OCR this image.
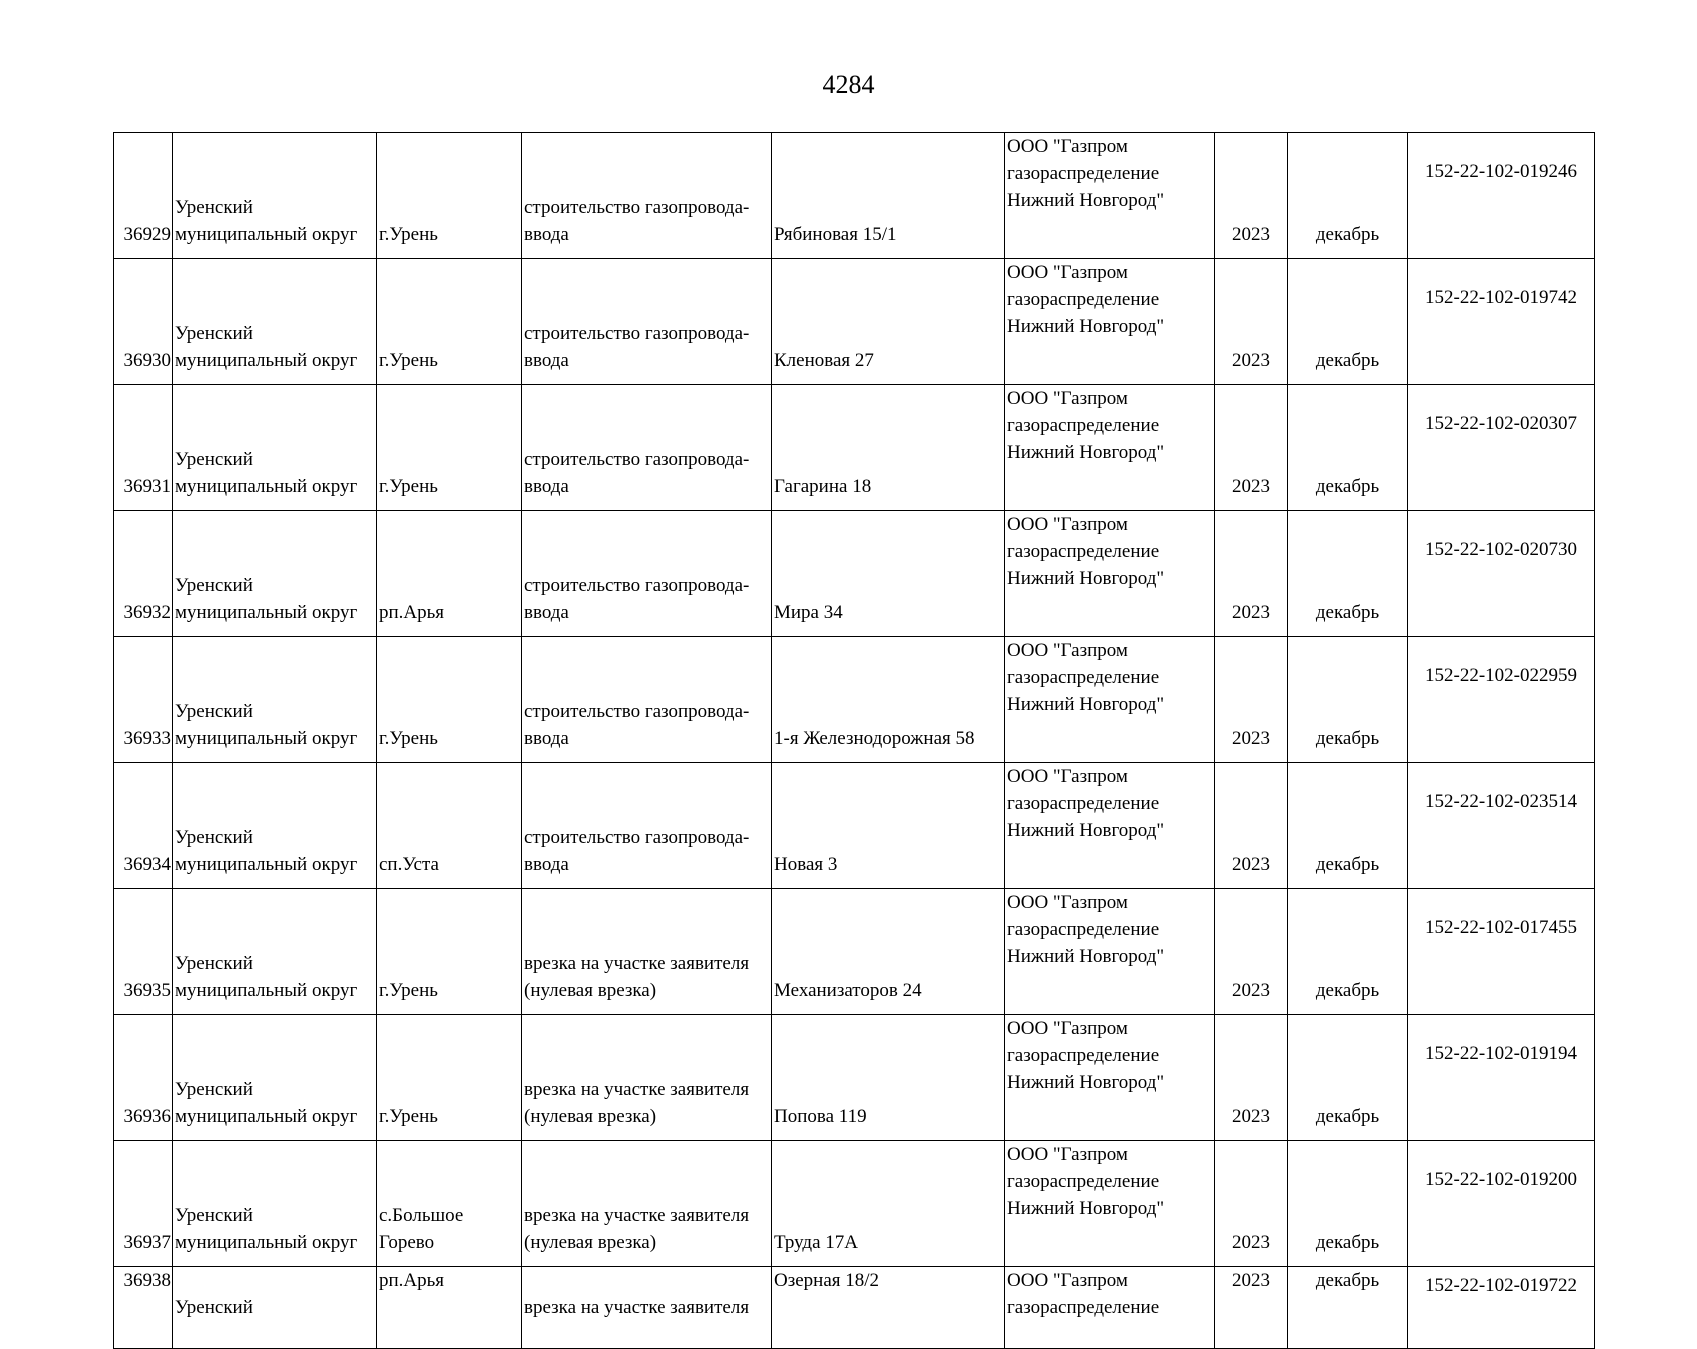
4284
36929	Уренский муниципальный округ	г.Урень	строительство газопровода-ввода	Рябиновая 15/1	ООО "Газпром газораспределение Нижний Новгород"	2023	декабрь	152-22-102-019246
36930	Уренский муниципальный округ	г.Урень	строительство газопровода-ввода	Кленовая 27	ООО "Газпром газораспределение Нижний Новгород"	2023	декабрь	152-22-102-019742
36931	Уренский муниципальный округ	г.Урень	строительство газопровода-ввода	Гагарина 18	ООО "Газпром газораспределение Нижний Новгород"	2023	декабрь	152-22-102-020307
36932	Уренский муниципальный округ	рп.Арья	строительство газопровода-ввода	Мира 34	ООО "Газпром газораспределение Нижний Новгород"	2023	декабрь	152-22-102-020730
36933	Уренский муниципальный округ	г.Урень	строительство газопровода-ввода	1-я Железнодорожная 58	ООО "Газпром газораспределение Нижний Новгород"	2023	декабрь	152-22-102-022959
36934	Уренский муниципальный округ	сп.Уста	строительство газопровода-ввода	Новая 3	ООО "Газпром газораспределение Нижний Новгород"	2023	декабрь	152-22-102-023514
36935	Уренский муниципальный округ	г.Урень	врезка на участке заявителя (нулевая врезка)	Механизаторов 24	ООО "Газпром газораспределение Нижний Новгород"	2023	декабрь	152-22-102-017455
36936	Уренский муниципальный округ	г.Урень	врезка на участке заявителя (нулевая врезка)	Попова 119	ООО "Газпром газораспределение Нижний Новгород"	2023	декабрь	152-22-102-019194
36937	Уренский муниципальный округ	с.Большое Горево	врезка на участке заявителя (нулевая врезка)	Труда 17А	ООО "Газпром газораспределение Нижний Новгород"	2023	декабрь	152-22-102-019200
36938	Уренский	рп.Арья	врезка на участке заявителя	Озерная 18/2	ООО "Газпром газораспределение	2023	декабрь	152-22-102-019722
